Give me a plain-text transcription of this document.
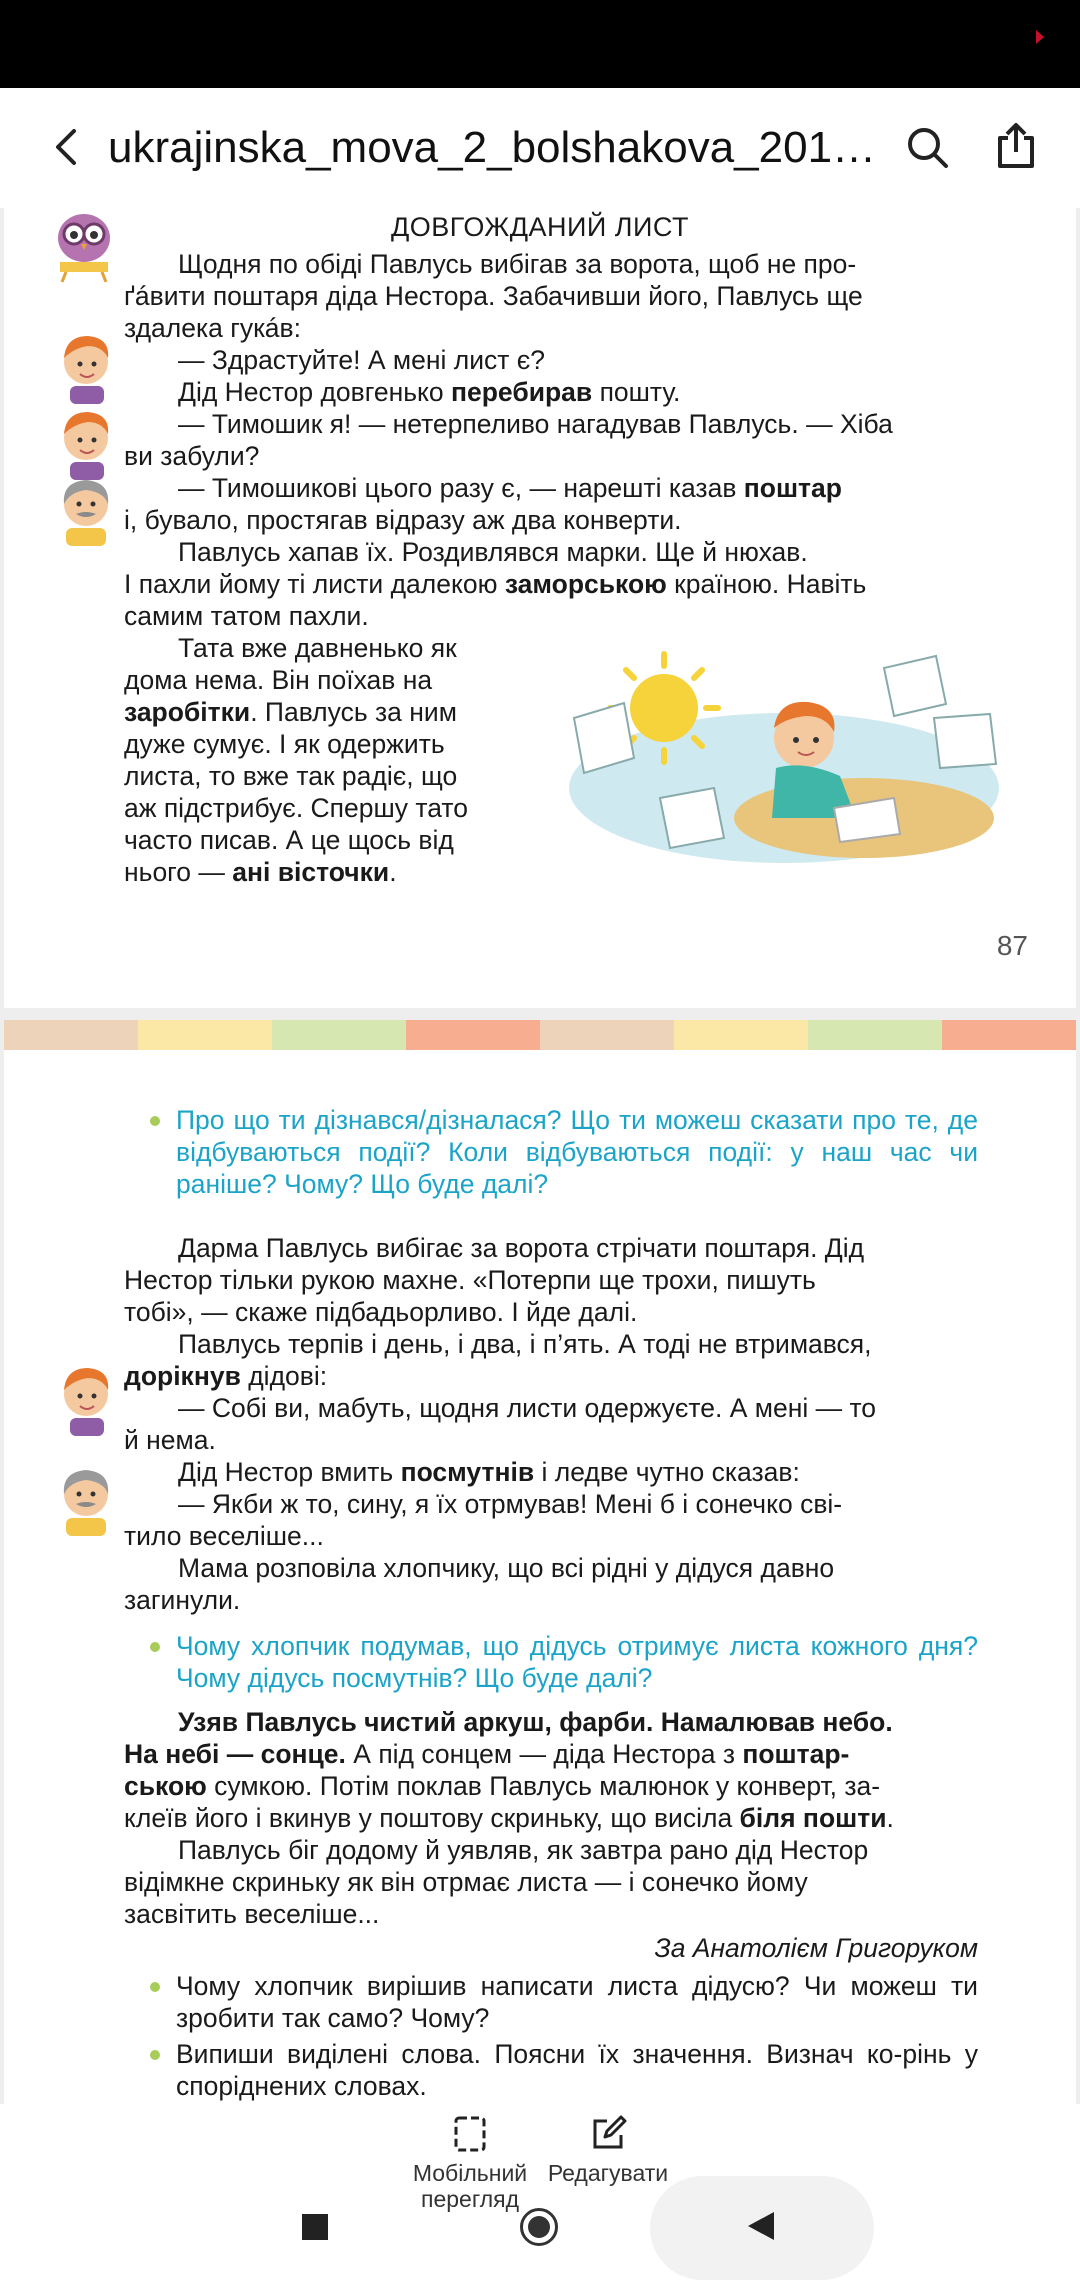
ukrajinska_mova_2_bolshakova_201…
ДОВГОЖДАНИЙ ЛИСТ
Щодня по обіді Павлусь вибігав за ворота, щоб не про-
ґáвити поштаря діда Нестора. Забачивши його, Павлусь ще
здалека гукáв:
— Здрастуйте! А мені лист є?
Дід Нестор довгенько перебирав пошту.
— Тимошик я! — нетерпеливо нагадував Павлусь. — Хіба
ви забули?
— Тимошикові цього разу є, — нарешті казав поштар
і, бувало, простягав відразу аж два конверти.
Павлусь хапав їх. Роздивлявся марки. Ще й нюхав.
І пахли йому ті листи далекою заморською країною. Навіть
самим татом пахли.
Тата вже давненько як
дома нема. Він поїхав на
заробітки. Павлусь за ним
дуже сумує. І як одержить
листа, то вже так радіє, що
аж підстрибує. Спершу тато
часто писав. А це щось від
нього — ані вісточки.
87
Про що ти дізнався/дізналася? Що ти можеш сказати про те, де відбуваються події? Коли відбуваються події: у наш час чи раніше? Чому? Що буде далі?
Дарма Павлусь вибігає за ворота стрічати поштаря. Дід
Нестор тільки рукою махне. «Потерпи ще трохи, пишуть
тобі», — скаже підбадьорливо. І йде далі.
Павлусь терпів і день, і два, і п’ять. А тоді не втримався,
дорікнув дідові:
— Собі ви, мабуть, щодня листи одержуєте. А мені — то
й нема.
Дід Нестор вмить посмутнів і ледве чутно сказав:
— Якби ж то, сину, я їх отрмував! Мені б і сонечко сві-
тило веселіше...
Мама розповіла хлопчику, що всі рідні у дідуся давно
загинули.
Чому хлопчик подумав, що дідусь отримує листа кожного дня? Чому дідусь посмутнів? Що буде далі?
Узяв Павлусь чистий аркуш, фарби. Намалював небо.
На небі — сонце. А під сонцем — діда Нестора з поштар-
ською сумкою. Потім поклав Павлусь малюнок у конверт, за-
клеїв його і вкинув у поштову скриньку, що висіла біля пошти.
Павлусь біг додому й уявляв, як завтра рано дід Нестор
відімкне скриньку як він отрмає листа — і сонечко йому
засвітить веселіше...
За Анатолієм Григоруком
Чому хлопчик вирішив написати листа дідусю? Чи можеш ти зробити так само? Чому?
Випиши виділені слова. Поясни їх значення. Визнач ко-рінь у споріднених словах.
Мобільний перегляд
Редагувати
